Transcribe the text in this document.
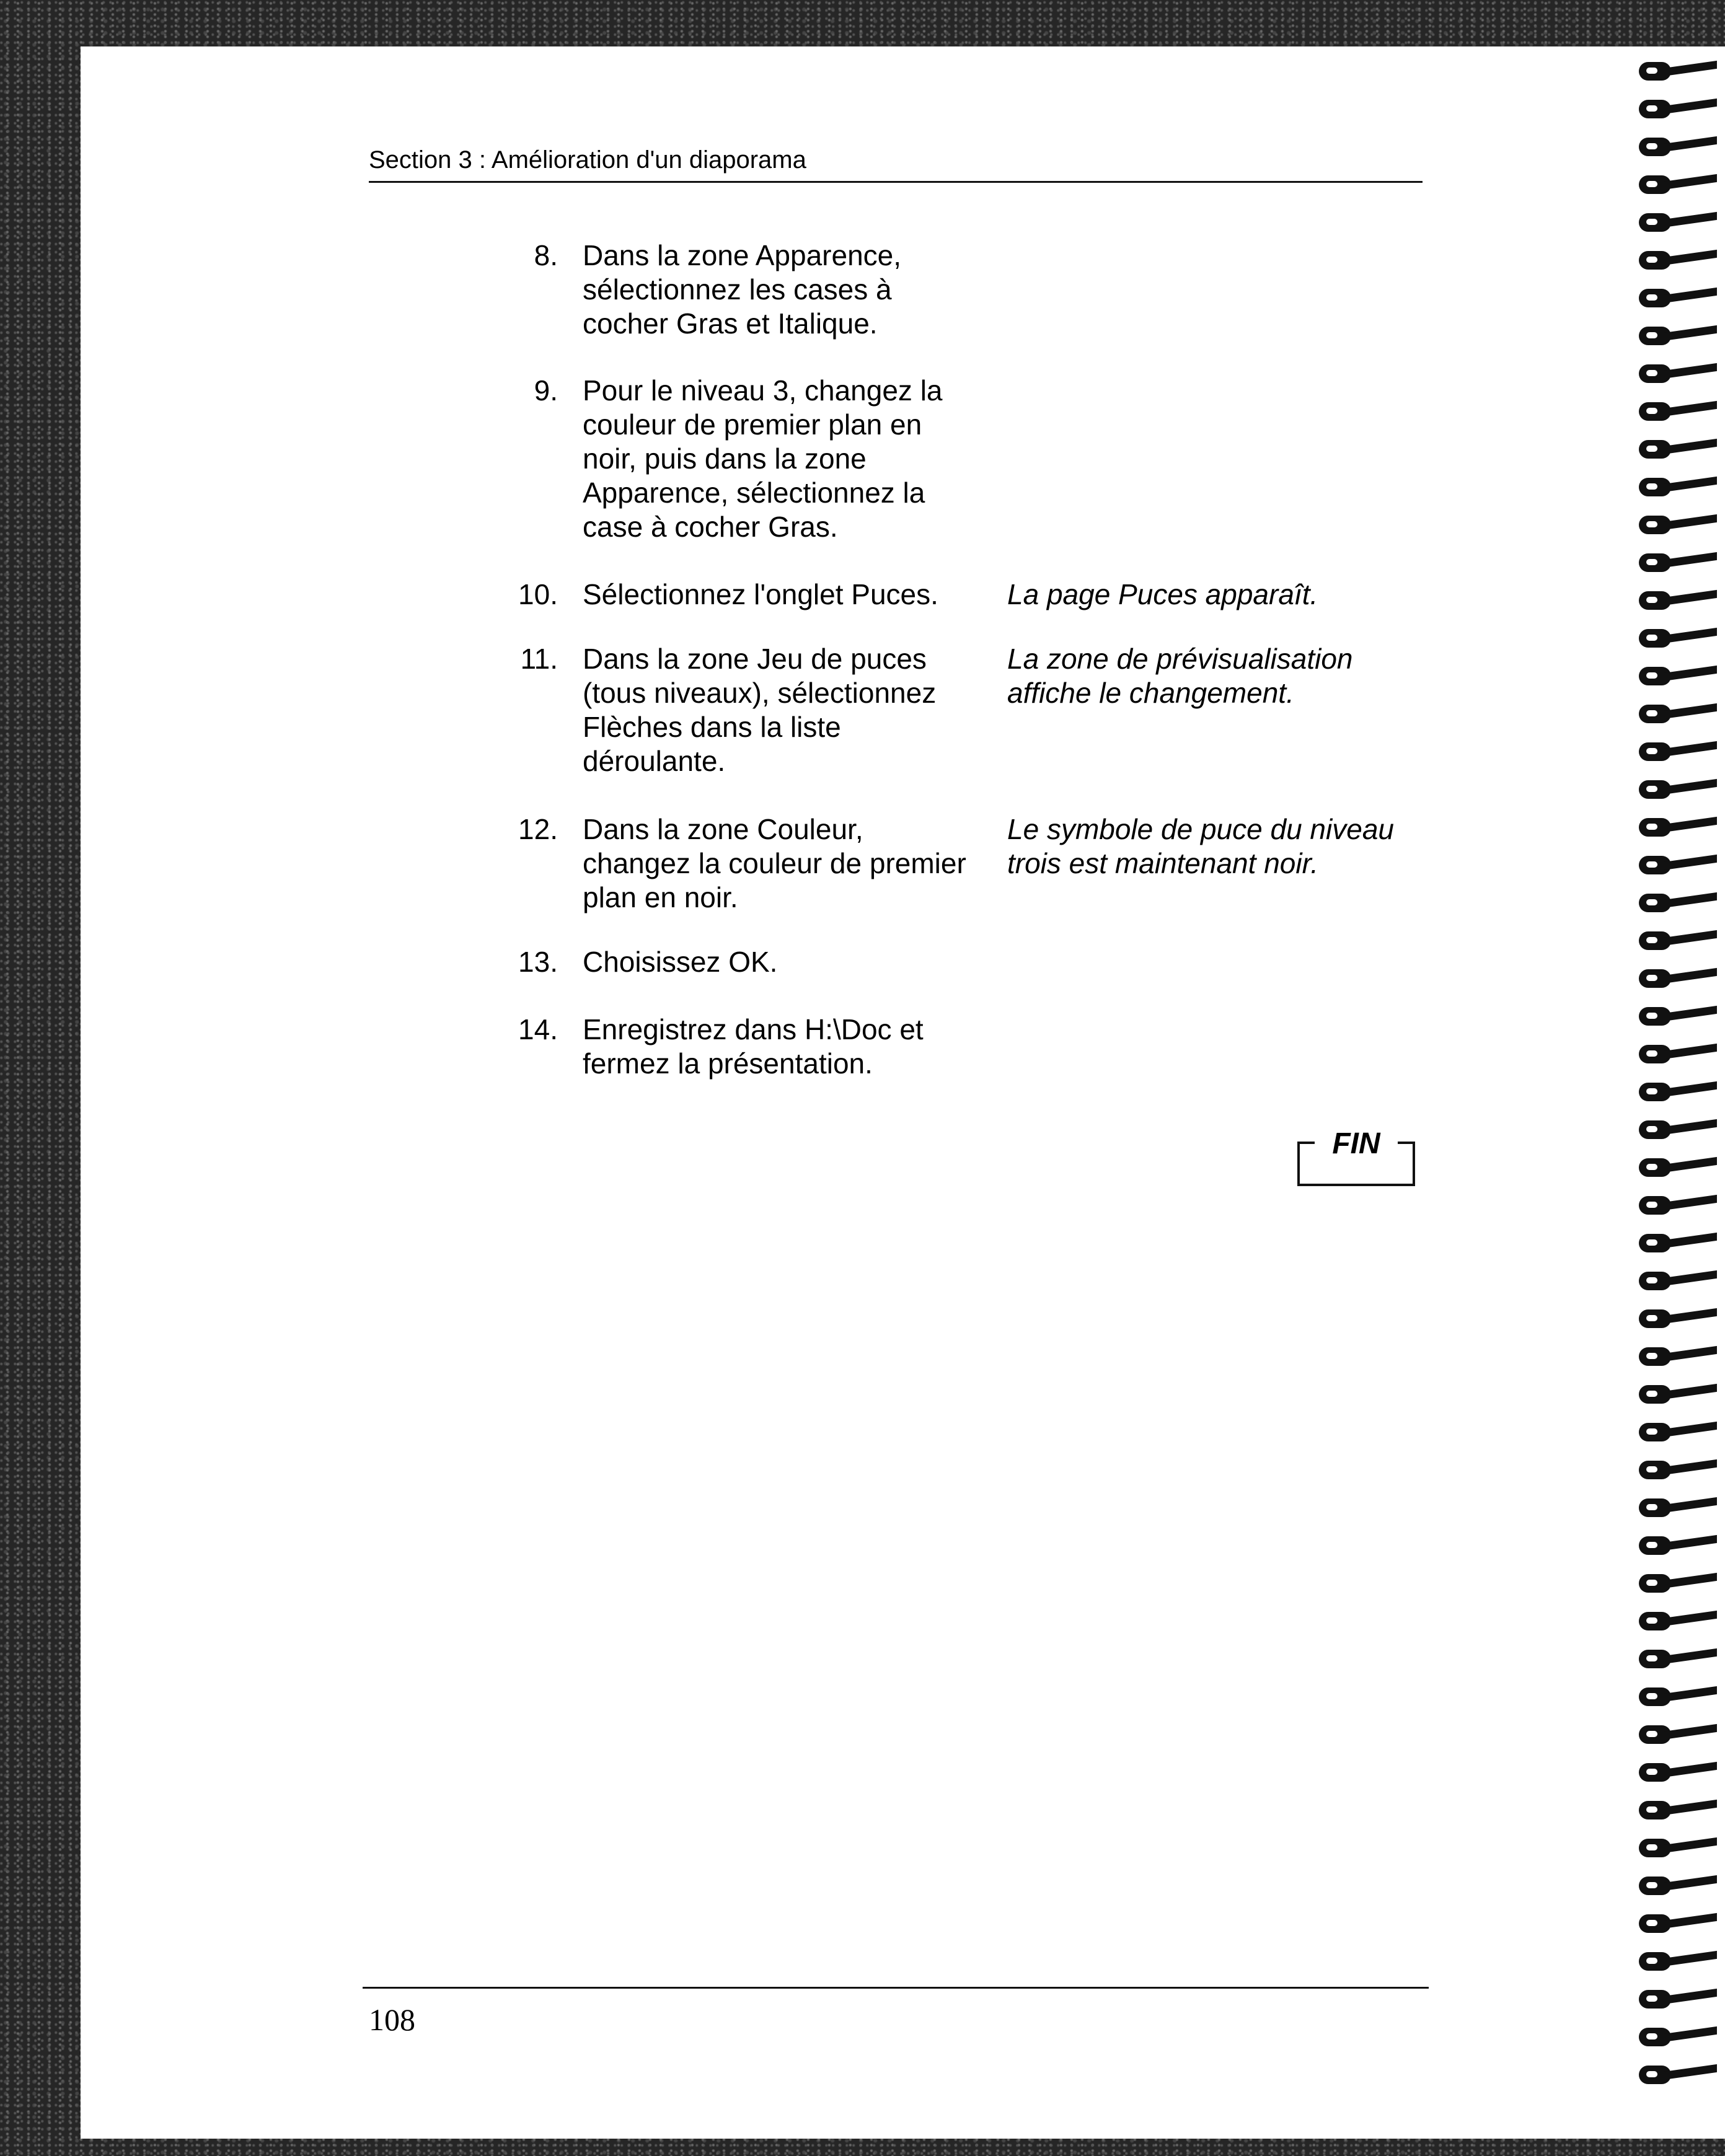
Section 3 : Amélioration d'un diaporama
8. Dans la zone Apparence,
sélectionnez les cases à
cocher Gras et Italique.
9. Pour le niveau 3, changez la
couleur de premier plan en
noir, puis dans la zone
Apparence, sélectionnez la
case à cocher Gras.
10. Sélectionnez l'onglet Puces.
11. Dans la zone Jeu de puces
(tous niveaux), sélectionnez
Flèches dans la liste
déroulante.
12. Dans la zone Couleur,
changez la couleur de premier
plan en noir.
13. Choisissez OK.
14. Enregistrez dans H:\Doc et
fermez la présentation.
La page Puces apparaît.
La zone de prévisualisation
affiche le changement.
Le symbole de puce du niveau
trois est maintenant noir.
FIN
108
